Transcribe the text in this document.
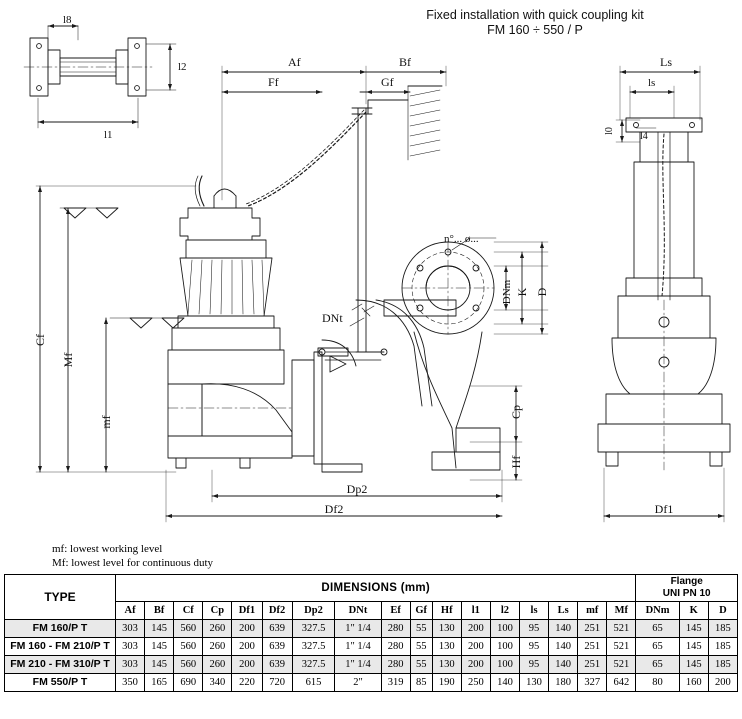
l8
l2
l1
Af
Ff
Bf
Gf
Cf
Mf
mf
DNt
n°... ø...
DNm K D
Cp
Hf
Dp2
Df2
Ls
ls
l0	l4
Df1
Fixed installation with quick coupling kit
FM 160 ÷ 550 / P
mf: lowest working level
Mf: lowest level for continuous duty
TYPE	DIMENSIONS (mm)																	Flange
UNI PN 10		
	Af	Bf	Cf	Cp	Df1	Df2	Dp2	DNt	Ef	Gf	Hf	l1	l2	ls	Ls	mf	Mf	DNm	K	D
FM 160/P T	303	145	560	260	200	639	327.5	1" 1/4	280	55	130	200	100	95	140	251	521	65	145	185
FM 160 - FM 210/P T	303	145	560	260	200	639	327.5	1" 1/4	280	55	130	200	100	95	140	251	521	65	145	185
FM 210 - FM 310/P T	303	145	560	260	200	639	327.5	1" 1/4	280	55	130	200	100	95	140	251	521	65	145	185
FM 550/P T	350	165	690	340	220	720	615	2"	319	85	190	250	140	130	180	327	642	80	160	200
